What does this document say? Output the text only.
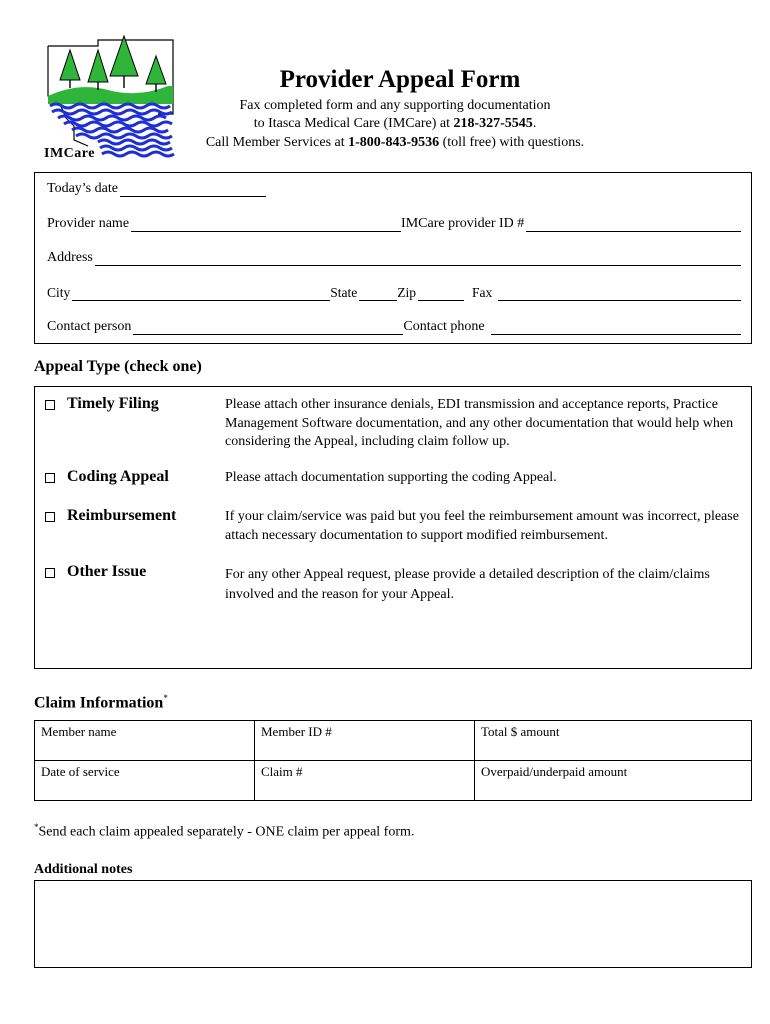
IMCare
Provider Appeal Form
Fax completed form and any supporting documentation
to Itasca Medical Care (IMCare) at 218-327-5545.
Call Member Services at 1-800-843-9536 (toll free) with questions.
Today’s date
Provider name	IMCare provider ID #
Address
City	State	Zip	Fax
Contact person	Contact phone
Appeal Type (check one)
Timely Filing	Please attach other insurance denials, EDI transmission and acceptance reports, Practice Management Software documentation, and any other documentation that would help when considering the Appeal, including claim follow up.
Coding Appeal	Please attach documentation supporting the coding Appeal.
Reimbursement	If your claim/service was paid but you feel the reimbursement amount was incorrect, please attach necessary documentation to support modified reimbursement.
Other Issue	For any other Appeal request, please provide a detailed description of the claim/claims involved and the reason for your Appeal.
Claim Information*
Member name	Member ID #	Total $ amount
Date of service	Claim #	Overpaid/underpaid amount
*Send each claim appealed separately - ONE claim per appeal form.
Additional notes
